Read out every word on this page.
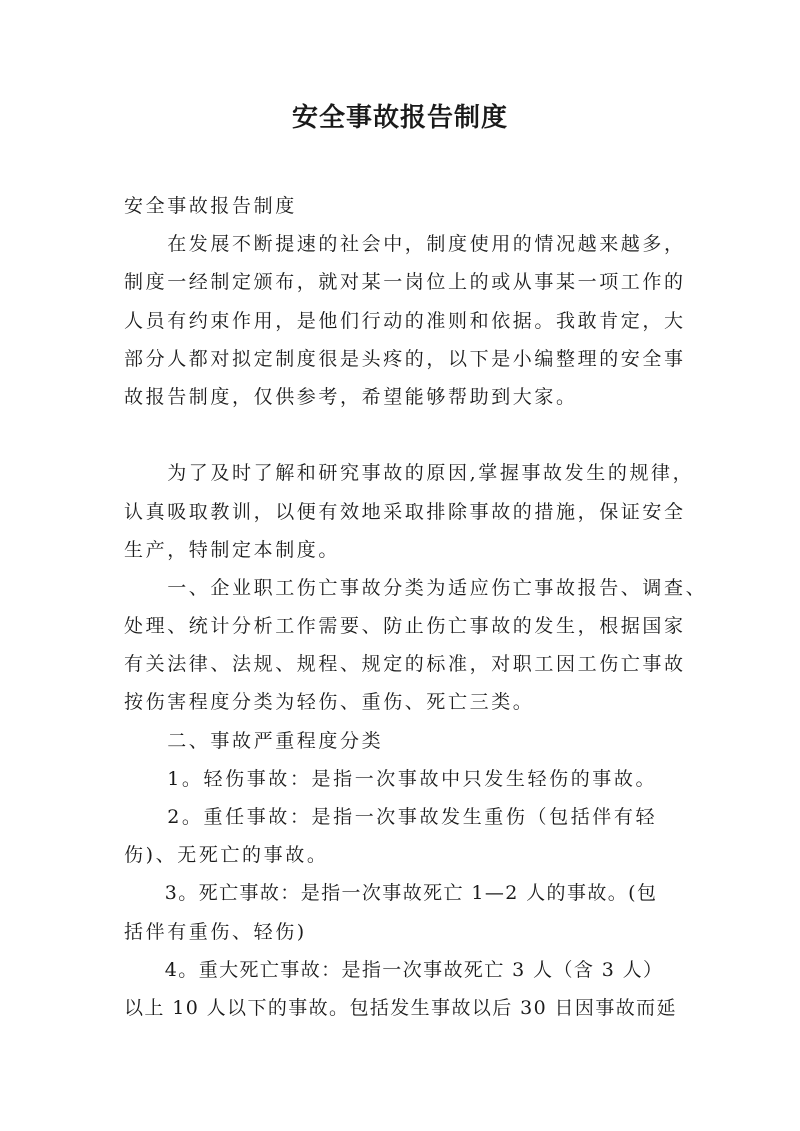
安全事故报告制度
安全事故报告制度
　　在发展不断提速的社会中，制度使用的情况越来越多，
制度一经制定颁布，就对某一岗位上的或从事某一项工作的
人员有约束作用，是他们行动的准则和依据。我敢肯定，大
部分人都对拟定制度很是头疼的，以下是小编整理的安全事
故报告制度，仅供参考，希望能够帮助到大家。
　　为了及时了解和研究事故的原因,掌握事故发生的规律，
认真吸取教训，以便有效地采取排除事故的措施，保证安全
生产，特制定本制度。
　　一、企业职工伤亡事故分类为适应伤亡事故报告、调查、
处理、统计分析工作需要、防止伤亡事故的发生，根据国家
有关法律、法规、规程、规定的标准，对职工因工伤亡事故
按伤害程度分类为轻伤、重伤、死亡三类。
　　二、事故严重程度分类
　　1。轻伤事故：是指一次事故中只发生轻伤的事故。
　　2。重任事故：是指一次事故发生重伤（包括伴有轻
伤)、无死亡的事故。
　　3。死亡事故：是指一次事故死亡 1—2 人的事故。(包
括伴有重伤、轻伤)
　　4。重大死亡事故：是指一次事故死亡 3 人（含 3 人）
以上 10 人以下的事故。包括发生事故以后 30 日因事故而延
